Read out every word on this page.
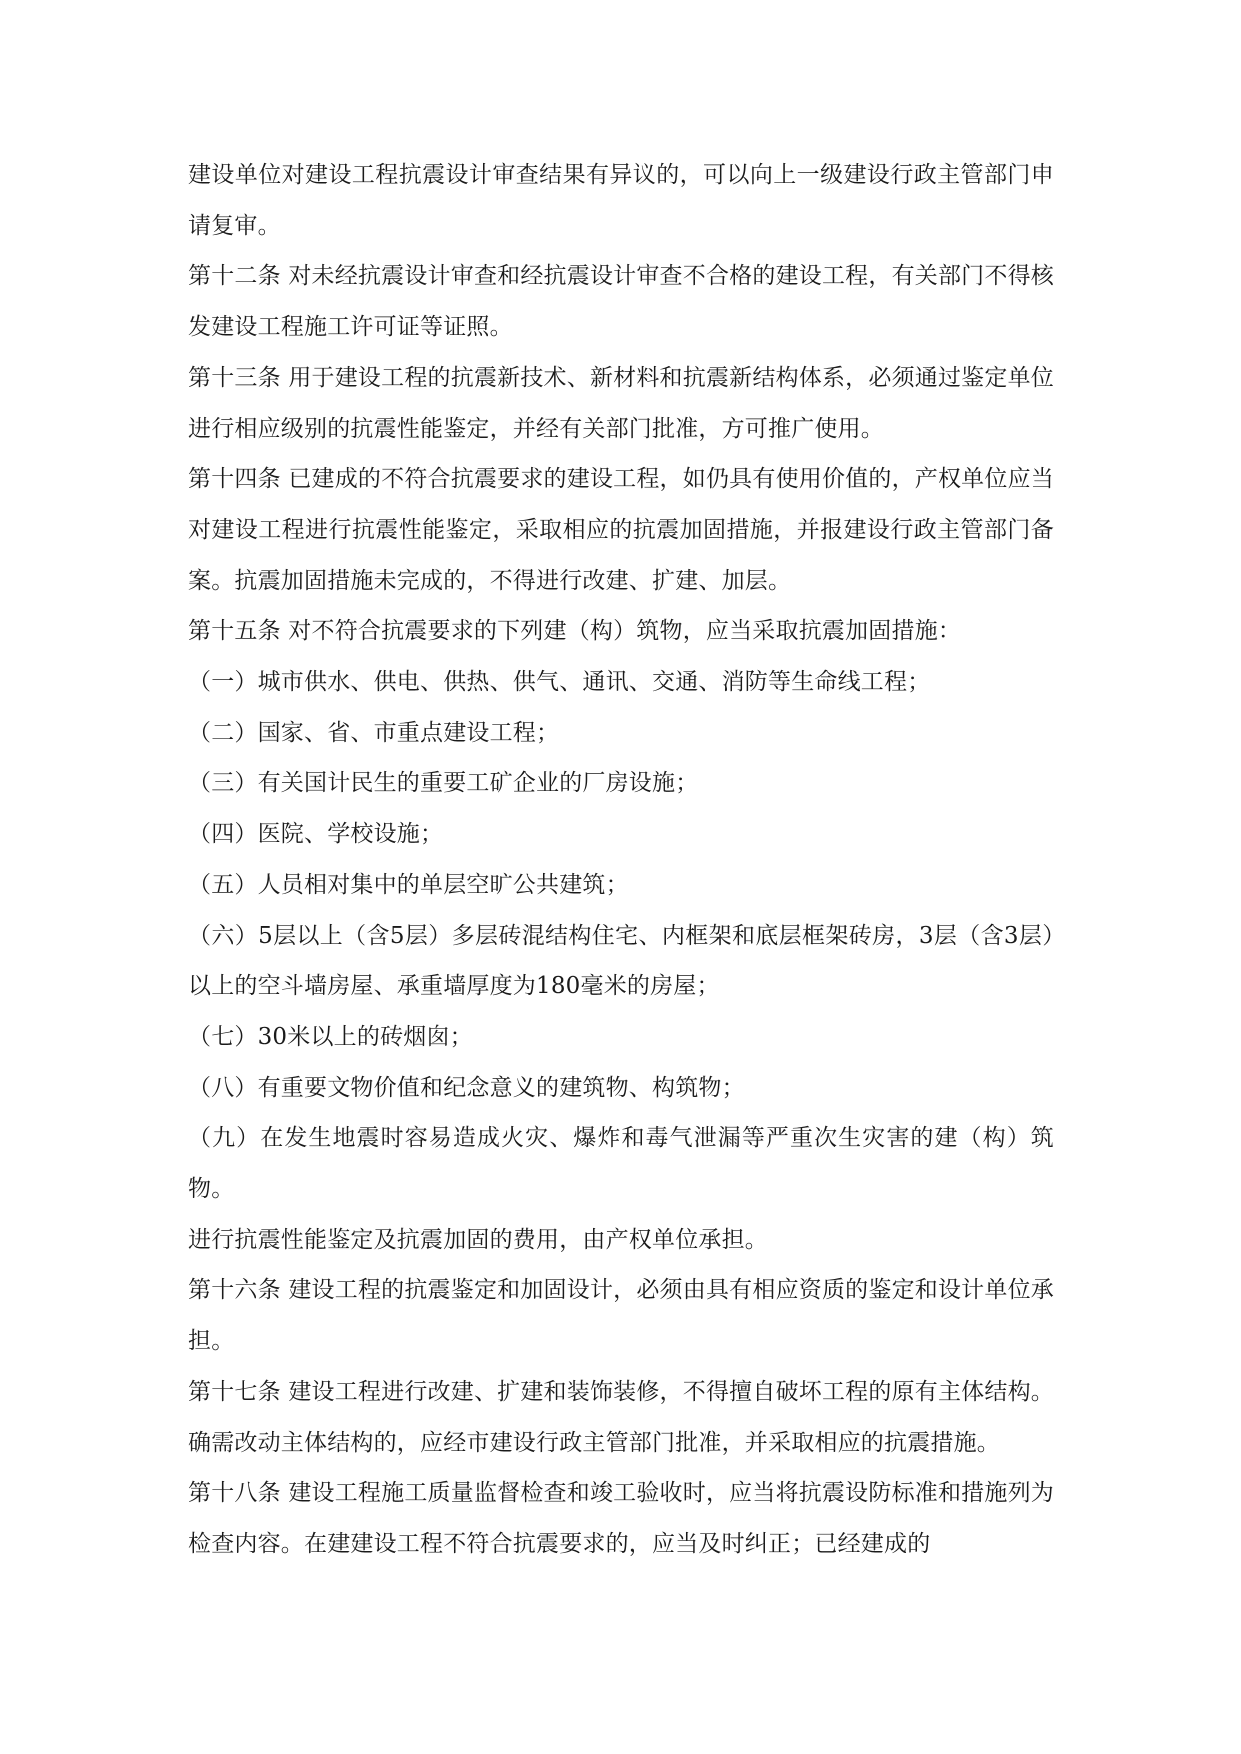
建设单位对建设工程抗震设计审查结果有异议的，可以向上一级建设行政主管部门申请复审。

第十二条 对未经抗震设计审查和经抗震设计审查不合格的建设工程，有关部门不得核发建设工程施工许可证等证照。

第十三条 用于建设工程的抗震新技术、新材料和抗震新结构体系，必须通过鉴定单位进行相应级别的抗震性能鉴定，并经有关部门批准，方可推广使用。

第十四条 已建成的不符合抗震要求的建设工程，如仍具有使用价值的，产权单位应当对建设工程进行抗震性能鉴定，采取相应的抗震加固措施，并报建设行政主管部门备案。抗震加固措施未完成的，不得进行改建、扩建、加层。

第十五条 对不符合抗震要求的下列建（构）筑物，应当采取抗震加固措施：

（一）城市供水、供电、供热、供气、通讯、交通、消防等生命线工程；

（二）国家、省、市重点建设工程；

（三）有关国计民生的重要工矿企业的厂房设施；

（四）医院、学校设施；

（五）人员相对集中的单层空旷公共建筑；

（六）5层以上（含5层）多层砖混结构住宅、内框架和底层框架砖房，3层（含3层）以上的空斗墙房屋、承重墙厚度为180毫米的房屋；

（七）30米以上的砖烟囱；

（八）有重要文物价值和纪念意义的建筑物、构筑物；

（九）在发生地震时容易造成火灾、爆炸和毒气泄漏等严重次生灾害的建（构）筑物。

进行抗震性能鉴定及抗震加固的费用，由产权单位承担。

第十六条 建设工程的抗震鉴定和加固设计，必须由具有相应资质的鉴定和设计单位承担。

第十七条 建设工程进行改建、扩建和装饰装修，不得擅自破坏工程的原有主体结构。确需改动主体结构的，应经市建设行政主管部门批准，并采取相应的抗震措施。

第十八条 建设工程施工质量监督检查和竣工验收时，应当将抗震设防标准和措施列为检查内容。在建建设工程不符合抗震要求的，应当及时纠正；已经建成的
